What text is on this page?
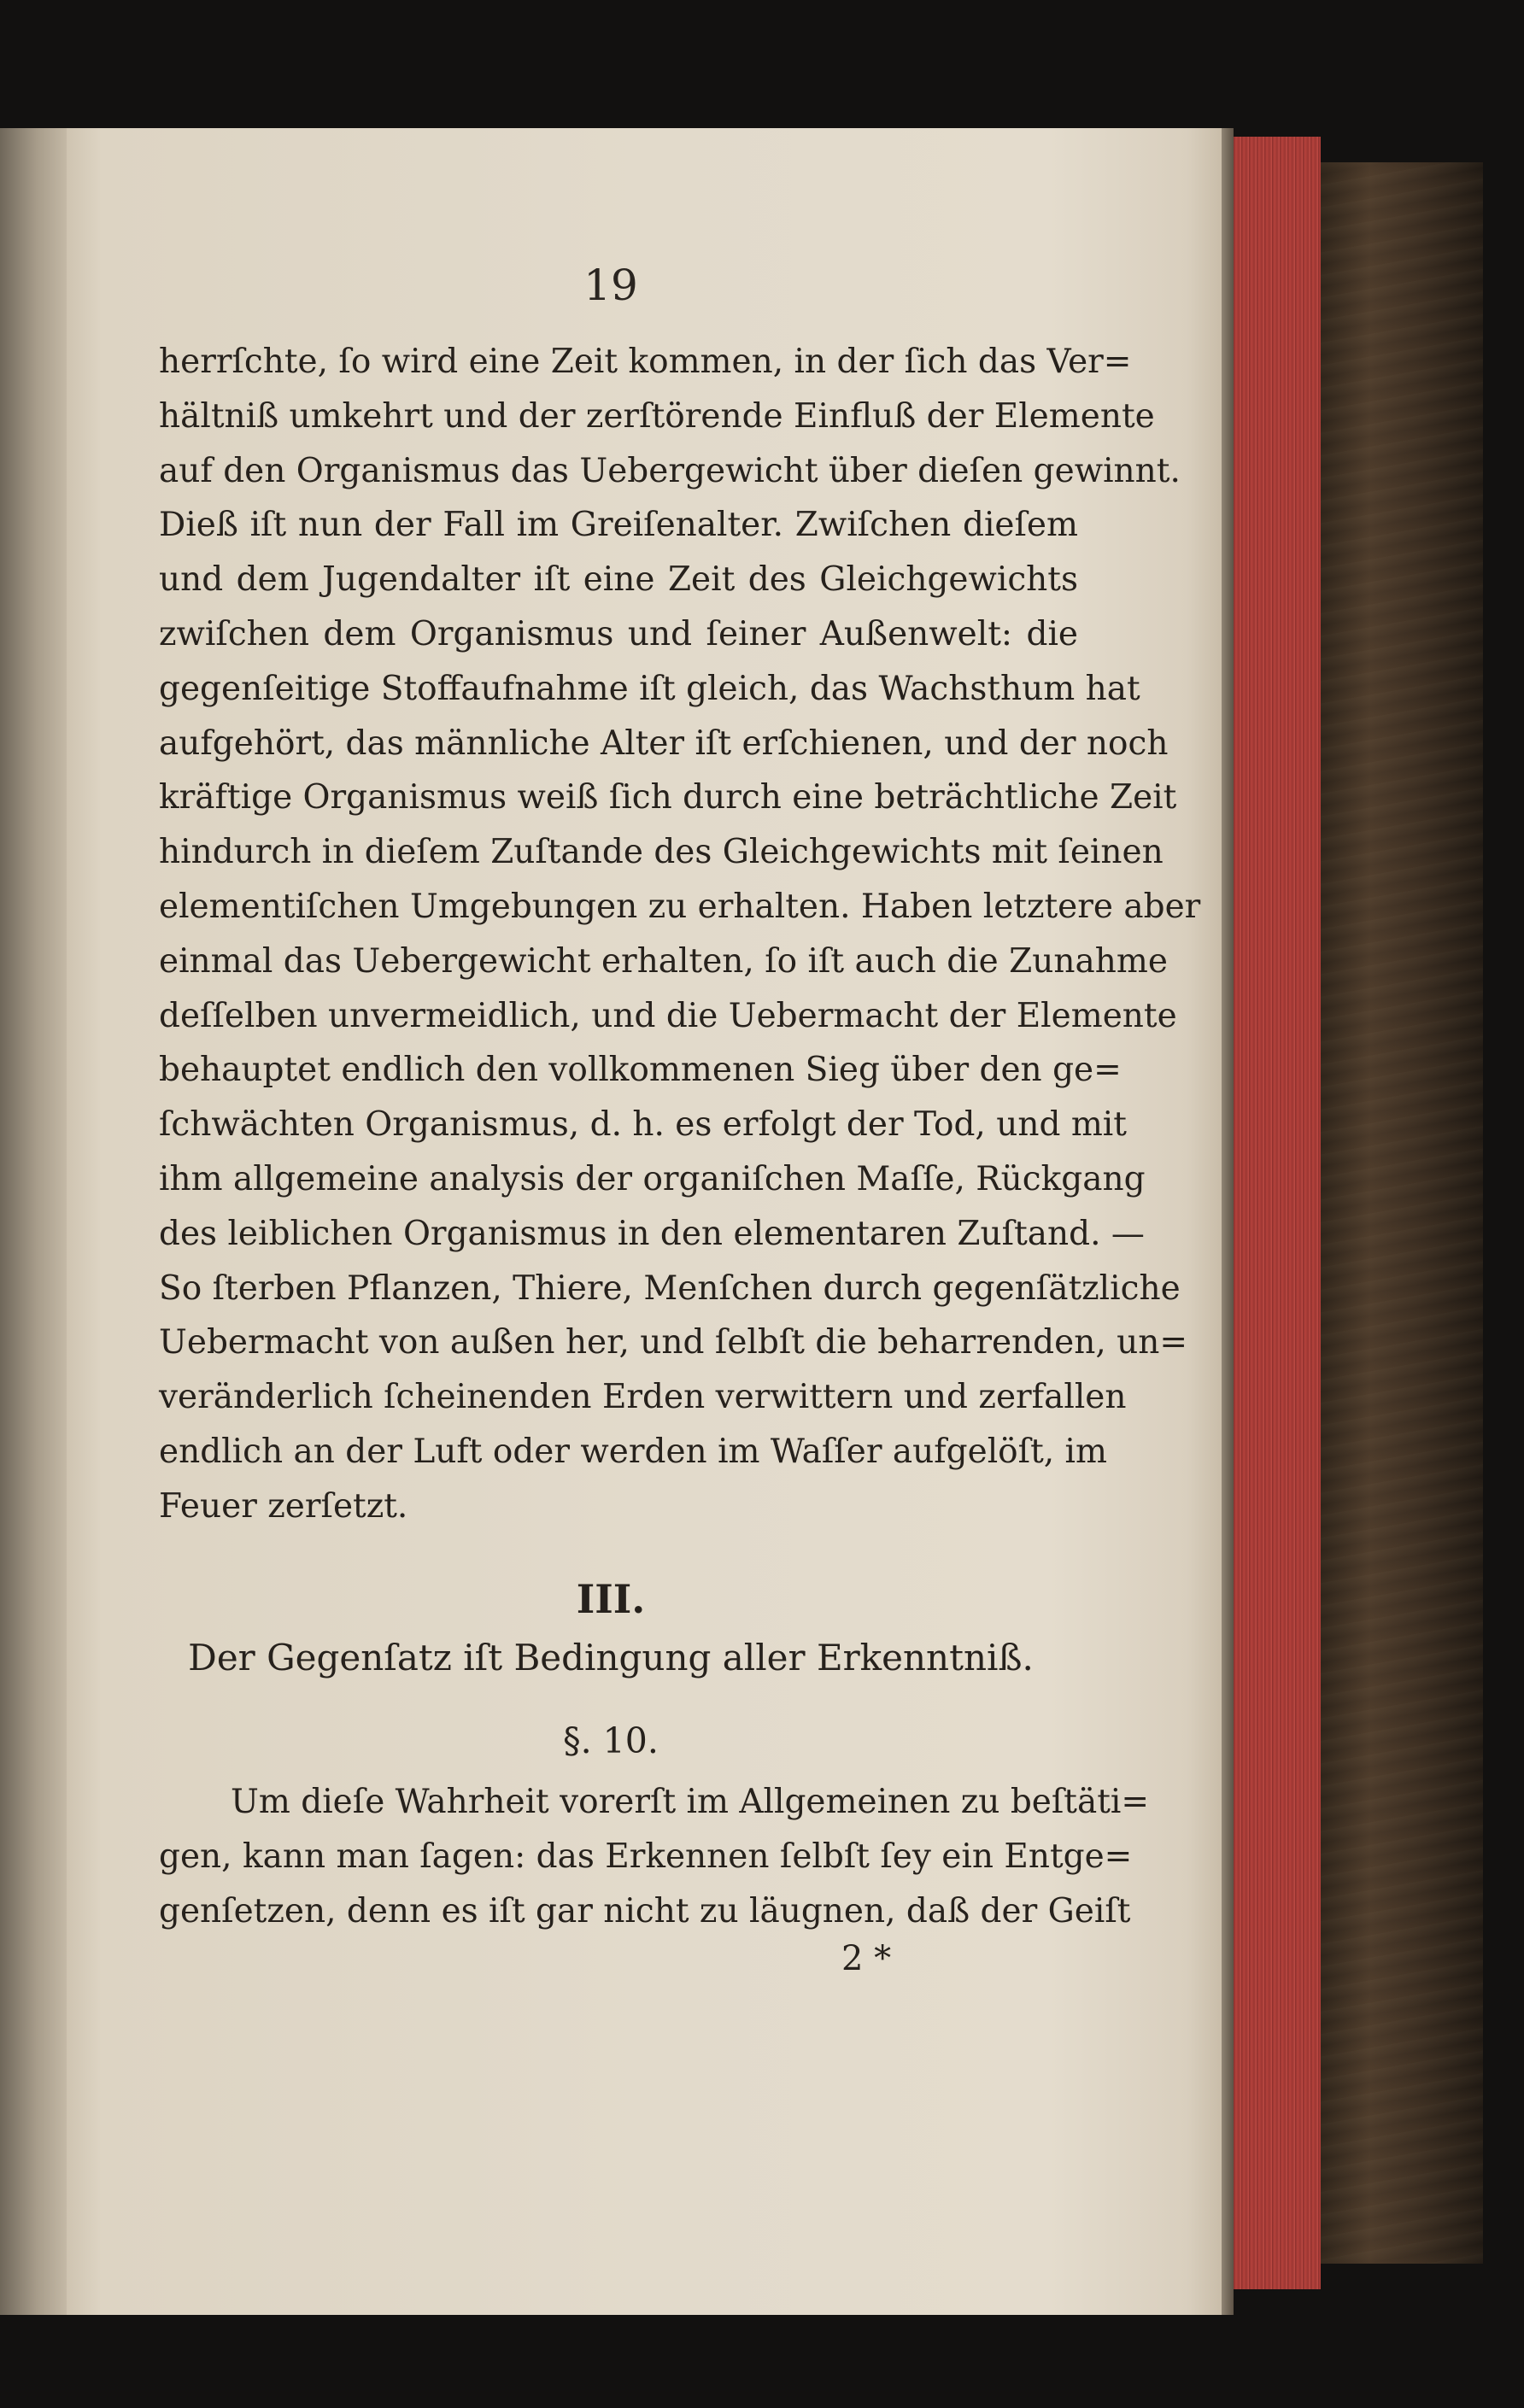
19
herrſchte, ſo wird eine Zeit kommen, in der ſich das Ver=
hältniß umkehrt und der zerſtörende Einfluß der Elemente
auf den Organismus das Uebergewicht über dieſen gewinnt.
Dieß iſt nun der Fall im Greiſenalter. Zwiſchen dieſem
und dem Jugendalter iſt eine Zeit des Gleichgewichts
zwiſchen dem Organismus und ſeiner Außenwelt: die
gegenſeitige Stoffaufnahme iſt gleich, das Wachsthum hat
aufgehört, das männliche Alter iſt erſchienen, und der noch
kräftige Organismus weiß ſich durch eine beträchtliche Zeit
hindurch in dieſem Zuſtande des Gleichgewichts mit ſeinen
elementiſchen Umgebungen zu erhalten. Haben letztere aber
einmal das Uebergewicht erhalten, ſo iſt auch die Zunahme
deſſelben unvermeidlich, und die Uebermacht der Elemente
behauptet endlich den vollkommenen Sieg über den ge=
ſchwächten Organismus, d. h. es erfolgt der Tod, und mit
ihm allgemeine analysis der organiſchen Maſſe, Rückgang
des leiblichen Organismus in den elementaren Zuſtand. —
So ſterben Pflanzen, Thiere, Menſchen durch gegenſätzliche
Uebermacht von außen her, und ſelbſt die beharrenden, un=
veränderlich ſcheinenden Erden verwittern und zerfallen
endlich an der Luft oder werden im Waſſer aufgelöſt, im
Feuer zerſetzt.
III.
Der Gegenſatz iſt Bedingung aller Erkenntniß.
§. 10.
Um dieſe Wahrheit vorerſt im Allgemeinen zu beſtäti=
gen, kann man ſagen: das Erkennen ſelbſt ſey ein Entge=
genſetzen, denn es iſt gar nicht zu läugnen, daß der Geiſt
2 *
